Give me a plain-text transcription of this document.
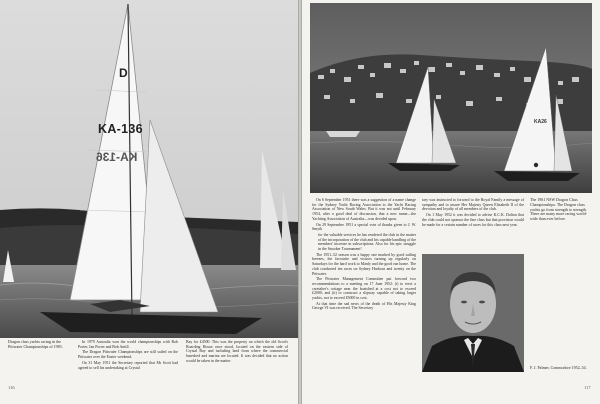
D
KA-136
KA-136

Dragon class yachts racing in the Pittwater Championships of 1983.

In 1979 Australia won the world championships with Rob Porter, Ian Porter and Bob Antill.

The Dragon Pittwater Championships are still sailed on the Pittwater over the Easter weekend.

On 31 May 1951 the Secretary reported that Mr Scott had agreed to sell his undertaking at Crystal

Bay for £4500. This was the property on which the old Scott's Boarding House once stood, located on the eastern side of Crystal Bay and including land from where the commercial baseshed and marina are located. It was decided that no action would be taken in the matter.

116
KA26

On 6 September 1951 there was a suggestion of a name change for the Sydney Yacht Racing Association to the Yacht Racing Association of New South Wales. But it was not until February 1954, after a good deal of discussion, that a new name—the Yachting Association of Australia—was decided upon.

On 29 September 1951 a special vote of thanks given to J. W. Smyth

for the valuable services he has rendered the club in the matter of the incorporation of the club and his capable handling of the members' increase in subscriptions. Also for his epic struggle in the Snooker Tournament!

The 1951–52 season was a happy one marked by good sailing breezes, the favourite and visitors turning up regularly on Saturdays for the hard work to Manly and the good run home. The club conducted ten races on Sydney Harbour and twenty on the Pittwater.

The Pittwater Management Committee put forward two recommendations to a meeting on 17 June 1952: (i) to erect a caretaker's cottage near the boatshed at a cost not to exceed £2000; and (ii) to construct a slipway capable of taking larger yachts, not to exceed £5000 in cost.

At that time the sad news of the death of His Majesty King George VI was received. The Secretary

tary was instructed to forward to the Royal Family a message of sympathy and to assure Her Majesty Queen Elizabeth II of the devotion and loyalty of all members of the club.

On 1 May 1952 it was decided to advise K.C.K. Dalton that the club could not sponsor the fine class but that provision would be made for a certain number of races for this class next year.

The 1961 NSW Dragon Class Championships. The Dragon class yachts go from strength to strength. There are many more racing world-wide than ever before.

F. J. Palmer, Commodore 1952–54.

117
